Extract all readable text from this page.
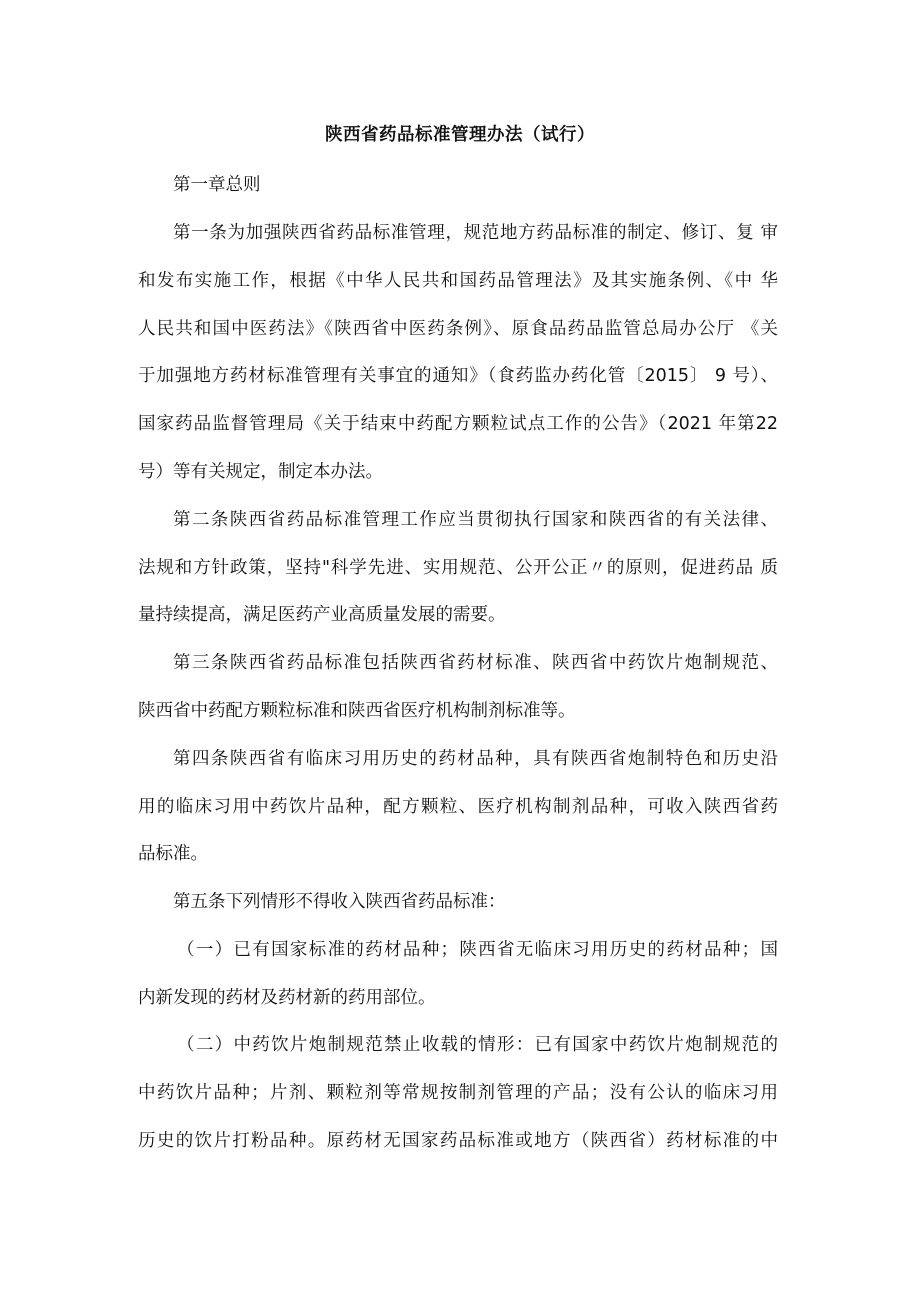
陕西省药品标准管理办法（试行）
第一章总则
第一条为加强陕西省药品标准管理，规范地方药品标准的制定、修订、复 审
和发布实施工作，根据《中华人民共和国药品管理法》及其实施条例、《中 华
人民共和国中医药法》《陕西省中医药条例》、原食品药品监管总局办公厅 《关
于加强地方药材标准管理有关事宜的通知》（食药监办药化管〔2015〕 9 号）、
国家药品监督管理局《关于结束中药配方颗粒试点工作的公告》（2021 年第22
号）等有关规定，制定本办法。
第二条陕西省药品标准管理工作应当贯彻执行国家和陕西省的有关法律、
法规和方针政策，坚持"科学先进、实用规范、公开公正〃的原则，促进药品 质
量持续提高，满足医药产业高质量发展的需要。
第三条陕西省药品标准包括陕西省药材标准、陕西省中药饮片炮制规范、
陕西省中药配方颗粒标准和陕西省医疗机构制剂标准等。
第四条陕西省有临床习用历史的药材品种，具有陕西省炮制特色和历史沿
用的临床习用中药饮片品种，配方颗粒、医疗机构制剂品种，可收入陕西省药
品标准。
第五条下列情形不得收入陕西省药品标准：
（一）已有国家标准的药材品种；陕西省无临床习用历史的药材品种；国
内新发现的药材及药材新的药用部位。
（二）中药饮片炮制规范禁止收载的情形：已有国家中药饮片炮制规范的
中药饮片品种；片剂、颗粒剂等常规按制剂管理的产品；没有公认的临床习用
历史的饮片打粉品种。原药材无国家药品标准或地方（陕西省）药材标准的中
